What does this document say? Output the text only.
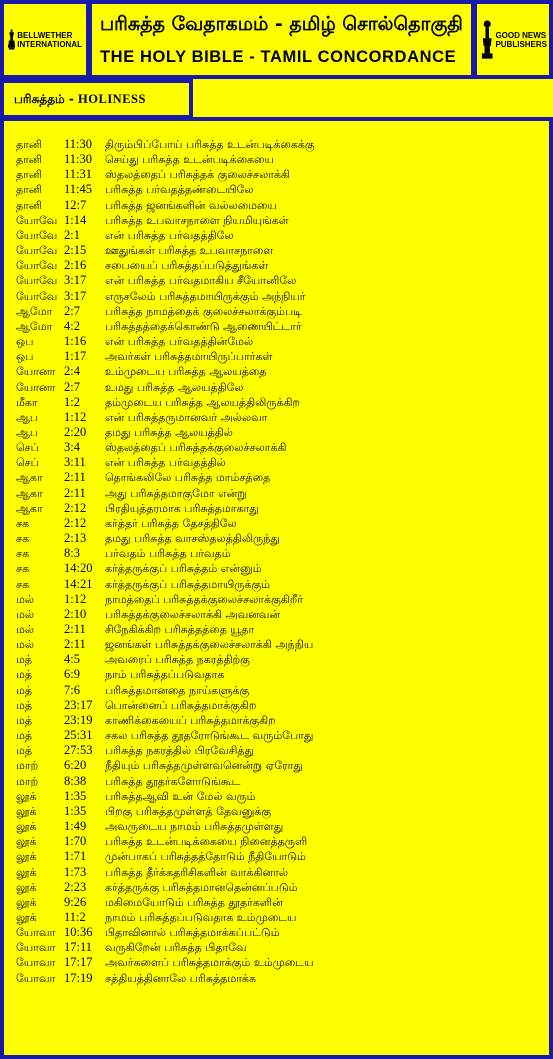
BELLWETHER
INTERNATIONAL
பரிசுத்த வேதாகமம் - தமிழ் சொல்தொகுதி
THE HOLY BIBLE - TAMIL CONCORDANCE
GOOD NEWS
PUBLISHERS
பரிசுத்தம் - HOLINESS
தானி 11:30 திரும்பிப்போய் பரிசுத்த உடன்படிக்கைக்கு
தானி 11:30 செய்து பரிசுத்த உடன்படிக்கையை
தானி 11:31 ஸ்தலத்தைப் பரிசுத்தக் குலைச்சலாக்கி
தானி 11:45 பரிசுத்த பர்வதத்தண்டையிலே
தானி 12:7 பரிசுத்த ஜனங்களின் வல்லமையை
யோவே 1:14 பரிசுத்த உபவாசநாளை நியமியுங்கள்
யோவே 2:1 என் பரிசுத்த பர்வதத்திலே
யோவே 2:15 ஊதுங்கள் பரிசுத்த உபவாசநாளை
யோவே 2:16 சபையைப் பரிசுத்தப்படுத்துங்கள்
யோவே 3:17 என் பரிசுத்த பர்வதமாகிய சீயோனிலே
யோவே 3:17 எருசலேம் பரிசுத்தமாயிருக்கும் அந்நியர்
ஆமோ 2:7 பரிசுத்த நாமத்தைக் குலைச்சலாக்கும்படி
ஆமோ 4:2 பரிசுத்தத்தைக்கொண்டு ஆணையிட்டார்
ஒப 1:16 என் பரிசுத்த பர்வதத்தின்மேல்
ஒப 1:17 அவர்கள் பரிசுத்தமாயிருப்பார்கள்
யோனா 2:4 உம்முடைய பரிசுத்த ஆலயத்தை
யோனா 2:7 உமது பரிசுத்த ஆலயத்திலே
மீகா 1:2 தம்முடைய பரிசுத்த ஆலயத்திலிருக்கிற
ஆப 1:12 என் பரிசுத்தருமானவர் அல்லவா
ஆப 2:20 தமது பரிசுத்த ஆலயத்தில்
செப் 3:4 ஸ்தலத்தைப் பரிசுத்தக்குலைச்சலாக்கி
செப் 3:11 என் பரிசுத்த பர்வதத்தில்
ஆகா 2:11 தொங்கலிலே பரிசுத்த மாம்சத்தை
ஆகா 2:11 அது பரிசுத்தமாகுமோ என்று
ஆகா 2:12 பிரதியுத்தரமாக பரிசுத்தமாகாது
சக	2:12 கர்த்தர் பரிசுத்த தேசத்திலே
சக	2:13 தமது பரிசுத்த வாசஸ்தலத்திலிருந்து
சக	8:3 பர்வதம் பரிசுத்த பர்வதம்
சக	14:20 கர்த்தருக்குப் பரிசுத்தம் என்னும்
சக	14:21 கர்த்தருக்குப் பரிசுத்தமாயிருக்கும்
மல் 1:12 நாமத்தைப் பரிசுத்தக்குலைச்சலாக்குகிறீர்
மல் 2:10 பரிசுத்தக்குலைச்சலாக்கி அவனவன்
மல் 2:11 சிநேகிக்கிற பரிசுத்தத்தை யூதா
மல் 2:11 ஜனங்கள் பரிசுத்தக்குலைச்சலாக்கி அந்நிய
மத்	4:5 அவரைப் பரிசுத்த நகரத்திற்கு
மத்	6:9 நாம் பரிசுத்தப்படுவதாக
மத்	7:6 பரிசுத்தமானதை நாய்களுக்கு
மத்	23:17 பொன்னைப் பரிசுத்தமாக்குகிற
மத்	23:19 காணிக்கையைப் பரிசுத்தமாக்குகிற
மத்	25:31 சகல பரிசுத்த தூதரோடுங்கூட வரும்போது
மத்	27:53 பரிசுத்த நகரத்தில் பிரவேசித்து
மாற் 6:20 நீதியும் பரிசுத்தமுள்ளவனென்று ஏரோது
மாற் 8:38 பரிசுத்த தூதர்களோடுங்கூட
லூக் 1:35 பரிசுத்தஆவி உன் மேல் வரும்
லூக் 1:35 பிறகு பரிசுத்தமுள்ளத் தேவனுக்கு
லூக் 1:49 அவருடைய நாமம் பரிசுத்தமுள்ளது
லூக் 1:70 பரிசுத்த உடன்படிக்கையை நினைத்தருளி
லூக் 1:71 முன்பாகப் பரிசுத்தத்தோடும் நீதியோடும்
லூக் 1:73 பரிசுத்த தீர்க்கதரிசிகளின் வாக்கினால்
லூக் 2:23 கர்த்தருக்கு பரிசுத்தமானதென்னப்படும்
லூக் 9:26 மகிமையோடும் பரிசுத்த தூதர்களின்
லூக் 11:2 நாமம் பரிசுத்தப்படுவதாக உம்முடைய
யோவா 10:36 பிதாவினால் பரிசுத்தமாக்கப்பட்டும்
யோவா 17:11 வருகிறேன் பரிசுத்த பிதாவே
யோவா 17:17 அவர்களைப் பரிசுத்தமாக்கும் உம்முடைய
யோவா 17:19 சத்தியத்தினாலே பரிசுத்தமாக்க
